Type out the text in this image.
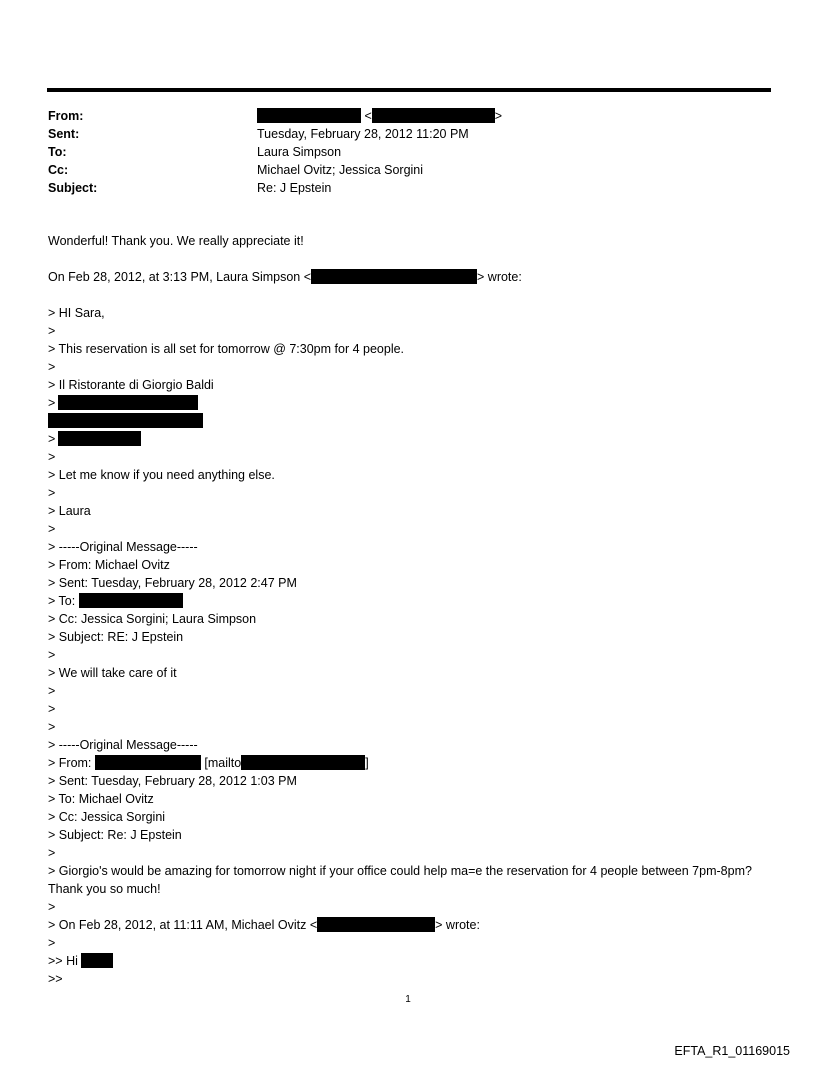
From:	<	>
Sent:	Tuesday, February 28, 2012 11:20 PM
To:	Laura Simpson
Cc:	Michael Ovitz; Jessica Sorgini
Subject:	Re: J Epstein
Wonderful! Thank you. We really appreciate it!
On Feb 28, 2012, at 3:13 PM, Laura Simpson <	> wrote:
> HI Sara,
>
> This reservation is all set for tomorrow @ 7:30pm for 4 people.
>
> Il Ristorante di Giorgio Baldi
>
>
>
> Let me know if you need anything else.
>
> Laura
>
> -----Original Message-----
> From: Michael Ovitz
> Sent: Tuesday, February 28, 2012 2:47 PM
> To:
> Cc: Jessica Sorgini; Laura Simpson
> Subject: RE: J Epstein
>
> We will take care of it
>
>
>
> -----Original Message-----
> From:	[mailto	]
> Sent: Tuesday, February 28, 2012 1:03 PM
> To: Michael Ovitz
> Cc: Jessica Sorgini
> Subject: Re: J Epstein
>
> Giorgio's would be amazing for tomorrow night if your office could help ma=e the reservation for 4 people between 7pm-8pm? Thank you so much!
>
> On Feb 28, 2012, at 11:11 AM, Michael Ovitz <	> wrote:
>
>> Hi
>>
1
EFTA_R1_01169015
